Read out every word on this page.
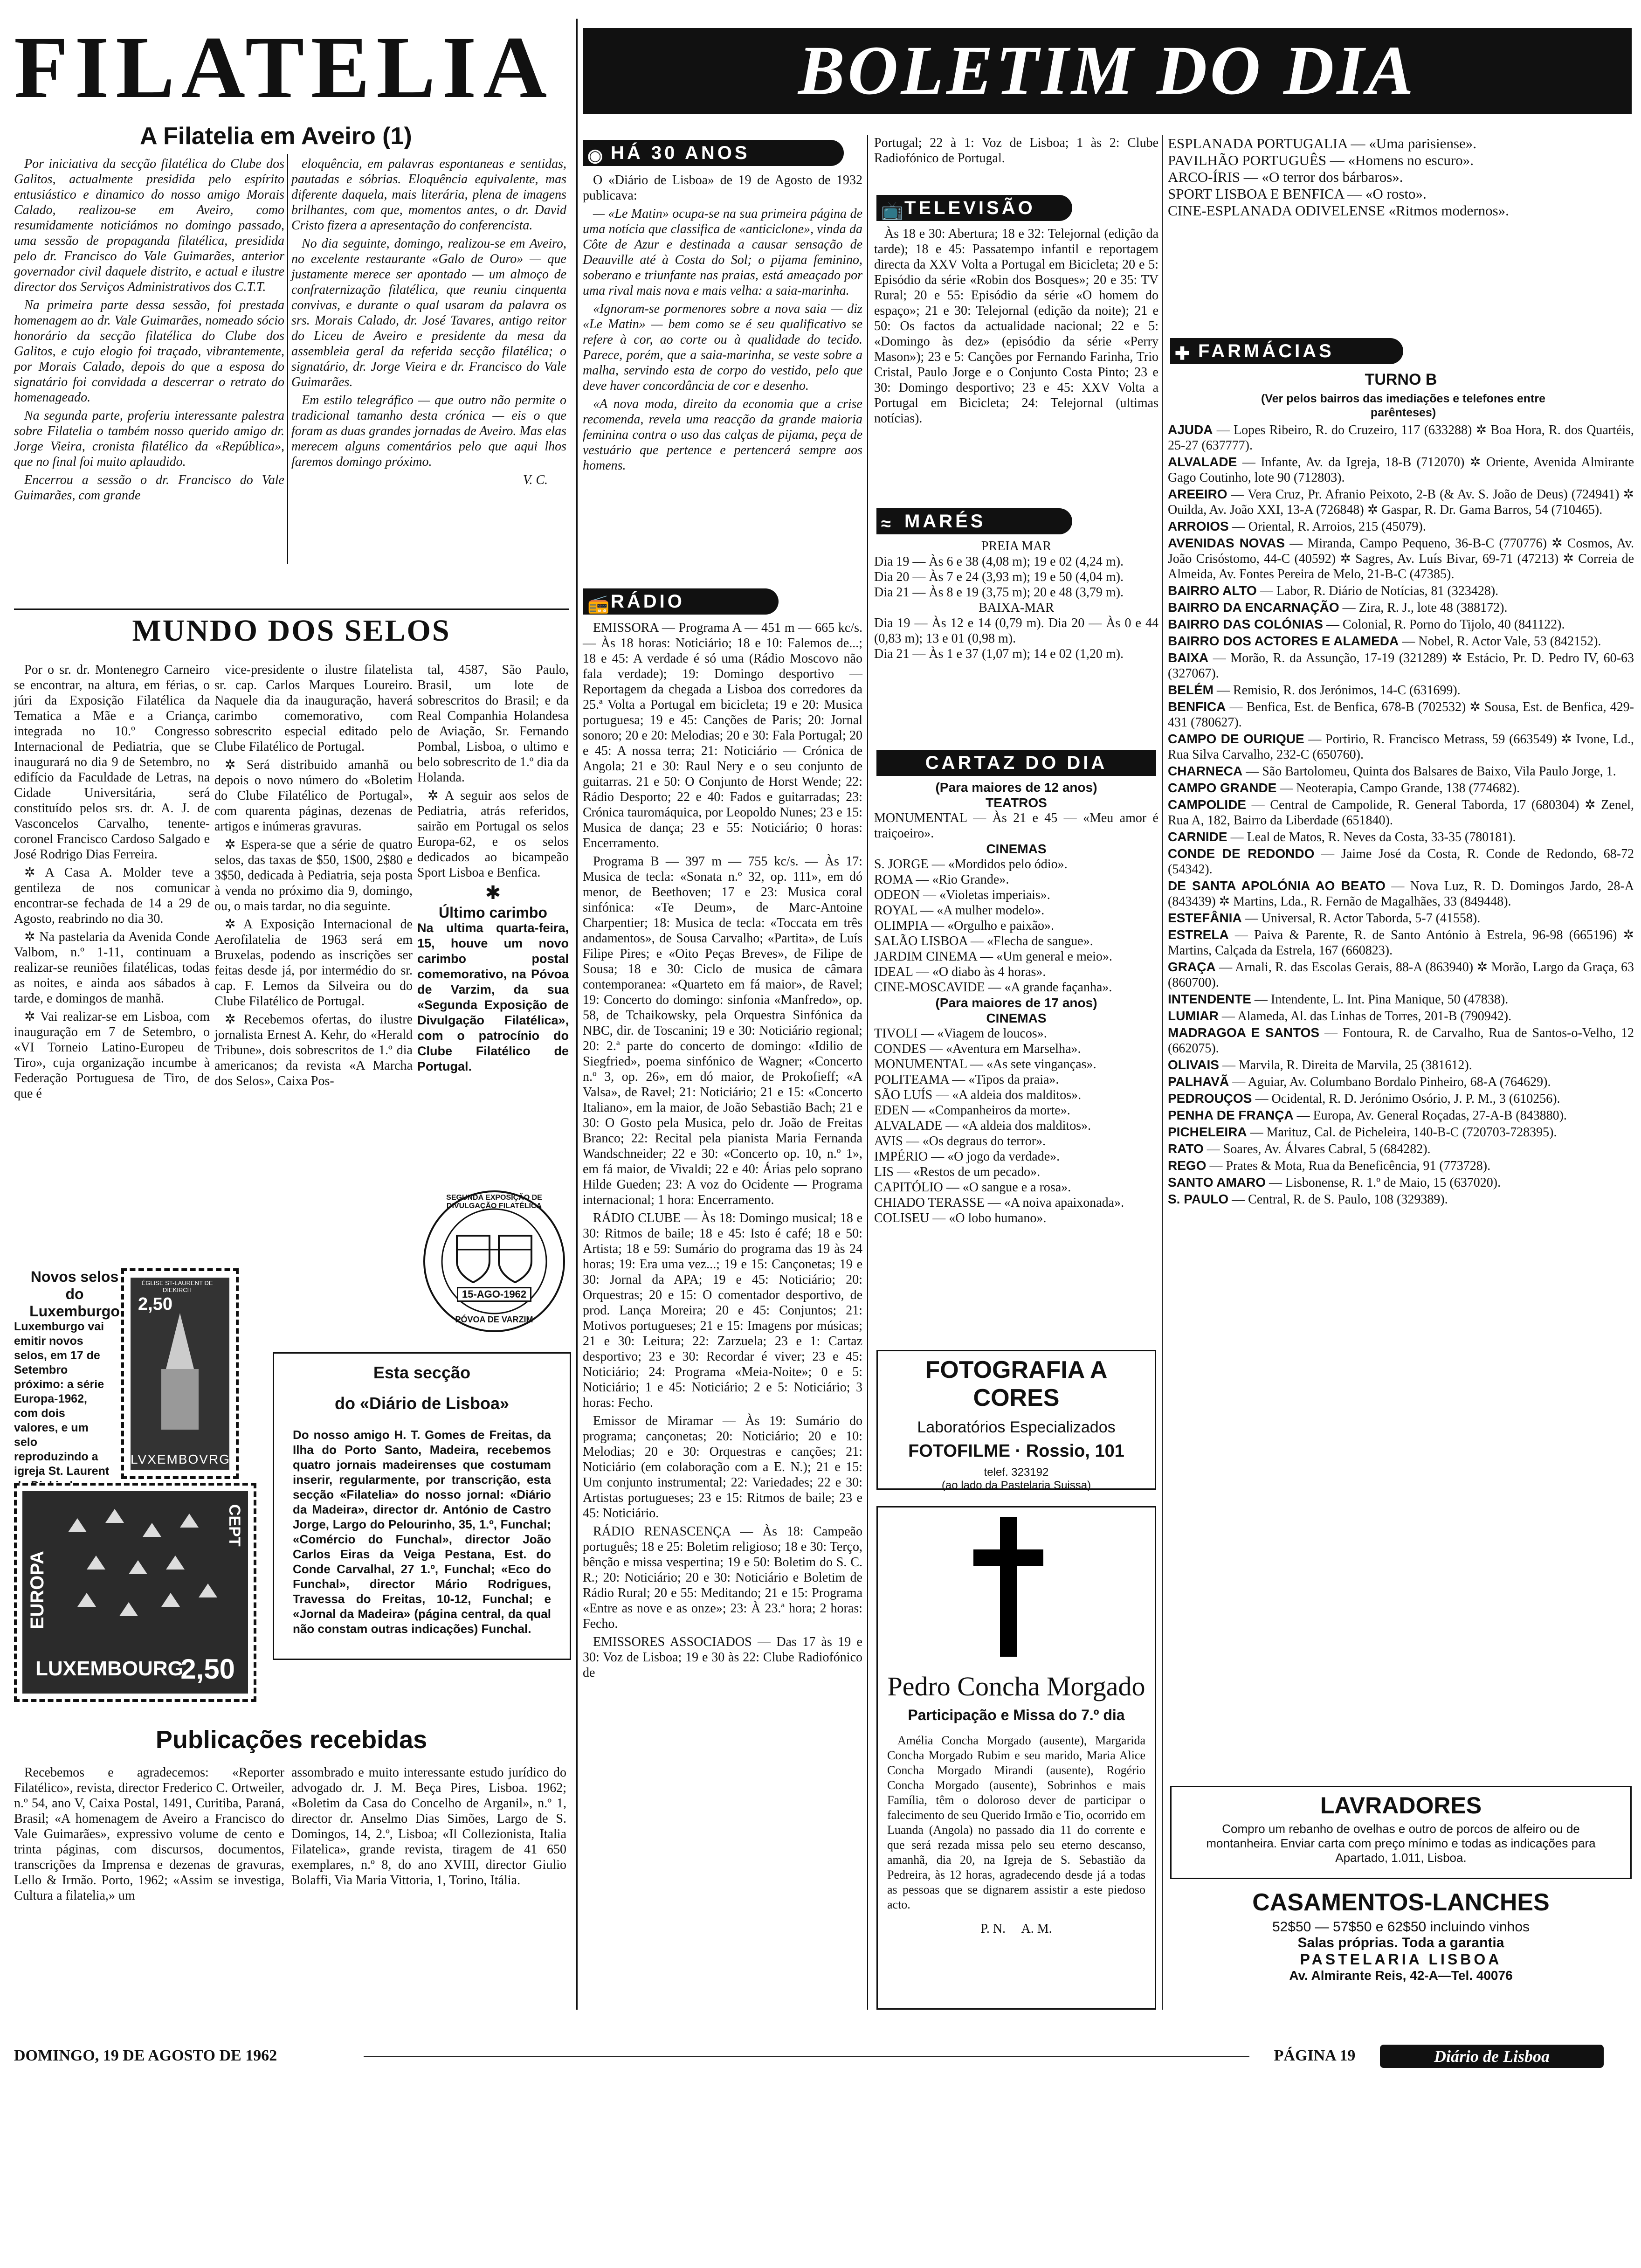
FILATELIA
A Filatelia em Aveiro (1)

Por iniciativa da secção filatélica do Clube dos Galitos, actualmente presidida pelo espírito entusiástico e dinamico do nosso amigo Morais Calado, realizou-se em Aveiro, como resumidamente noticiámos no domingo passado, uma sessão de propaganda filatélica, presidida pelo dr. Francisco do Vale Guimarães, anterior governador civil daquele distrito, e actual e ilustre director dos Serviços Administrativos dos C.T.T.

Na primeira parte dessa sessão, foi prestada homenagem ao dr. Vale Guimarães, nomeado sócio honorário da secção filatélica do Clube dos Galitos, e cujo elogio foi traçado, vibrantemente, por Morais Calado, depois do que a esposa do signatário foi convidada a descerrar o retrato do homenageado.

Na segunda parte, proferiu interessante palestra sobre Filatelia o também nosso querido amigo dr. Jorge Vieira, cronista filatélico da «República», que no final foi muito aplaudido.

Encerrou a sessão o dr. Francisco do Vale Guimarães, com grande

eloquência, em palavras espontaneas e sentidas, pautadas e sóbrias. Eloquência equivalente, mas diferente daquela, mais literária, plena de imagens brilhantes, com que, momentos antes, o dr. David Cristo fizera a apresentação do conferencista.

No dia seguinte, domingo, realizou-se em Aveiro, no excelente restaurante «Galo de Ouro» — que justamente merece ser apontado — um almoço de confraternização filatélica, que reuniu cinquenta convivas, e durante o qual usaram da palavra os srs. Morais Calado, dr. José Tavares, antigo reitor do Liceu de Aveiro e presidente da mesa da assembleia geral da referida secção filatélica; o signatário, dr. Jorge Vieira e dr. Francisco do Vale Guimarães.

Em estilo telegráfico — que outro não permite o tradicional tamanho desta crónica — eis o que foram as duas grandes jornadas de Aveiro. Mas elas merecem alguns comentários pelo que aqui lhos faremos domingo próximo.

V. C.
MUNDO DOS SELOS

Por o sr. dr. Montenegro Carneiro se encontrar, na altura, em férias, o júri da Exposição Filatélica da Tematica a Mãe e a Criança, integrada no 10.º Congresso Internacional de Pediatria, que se inaugurará no dia 9 de Setembro, no edifício da Faculdade de Letras, na Cidade Universitária, será constituído pelos srs. dr. A. J. de Vasconcelos Carvalho, tenente-coronel Francisco Cardoso Salgado e José Rodrigo Dias Ferreira.

✲ A Casa A. Molder teve a gentileza de nos comunicar encontrar-se fechada de 14 a 29 de Agosto, reabrindo no dia 30.

✲ Na pastelaria da Avenida Conde Valbom, n.º 1-11, continuam a realizar-se reuniões filatélicas, todas as noites, e ainda aos sábados à tarde, e domingos de manhã.

✲ Vai realizar-se em Lisboa, com inauguração em 7 de Setembro, o «VI Torneio Latino-Europeu de Tiro», cuja organização incumbe à Federação Portuguesa de Tiro, de que é

vice-presidente o ilustre filatelista sr. cap. Carlos Marques Loureiro. Naquele dia da inauguração, haverá carimbo comemorativo, com sobrescrito especial editado pelo Clube Filatélico de Portugal.

✲ Será distribuido amanhã ou depois o novo número do «Boletim do Clube Filatélico de Portugal», com quarenta páginas, dezenas de artigos e inúmeras gravuras.

✲ Espera-se que a série de quatro selos, das taxas de $50, 1$00, 2$80 e 3$50, dedicada à Pediatria, seja posta à venda no próximo dia 9, domingo, ou, o mais tardar, no dia seguinte.

✲ A Exposição Internacional de Aerofilatelia de 1963 será em Bruxelas, podendo as inscrições ser feitas desde já, por intermédio do sr. cap. F. Lemos da Silveira ou do Clube Filatélico de Portugal.

✲ Recebemos ofertas, do ilustre jornalista Ernest A. Kehr, do «Herald Tribune», dois sobrescritos de 1.º dia americanos; da revista «A Marcha dos Selos», Caixa Pos-

tal, 4587, São Paulo, Brasil, um lote de sobrescritos do Brasil; e da Real Companhia Holandesa de Aviação, Sr. Fernando Pombal, Lisboa, o ultimo e belo sobrescrito de 1.º dia da Holanda.

✲ A seguir aos selos de Pediatria, atrás referidos, sairão em Portugal os selos Europa-62, e os selos dedicados ao bicampeão Sport Lisboa e Benfica.

✱
Último carimbo

Na ultima quarta-feira, 15, houve um novo carimbo postal comemorativo, na Póvoa de Varzim, da sua «Segunda Exposição de Divulgação Filatélica», com o patrocínio do Clube Filatélico de Portugal.

SEGUNDA EXPOSIÇÃO DE DIVULGAÇÃO FILATÉLICA
15-AGO-1962
PÓVOA DE VARZIM
Novos selos do Luxemburgo
Luxemburgo vai emitir novos selos, em 17 de Setembro próximo: a série Europa-1962, com dois valores, e um selo reproduzindo a igreja St. Laurent
ÉGLISE ST-LAURENT DE DIEKIRCH
2,50
LVXEMBOVRG
EUROPA
CEPT
LUXEMBOURG
2,50
Esta secção
do «Diário de Lisboa»
Do nosso amigo H. T. Gomes de Freitas, da Ilha do Porto Santo, Madeira, recebemos quatro jornais madeirenses que costumam inserir, regularmente, por transcrição, esta secção «Filatelia» do nosso jornal: «Diário da Madeira», director dr. António de Castro Jorge, Largo do Pelourinho, 35, 1.º, Funchal; «Comércio do Funchal», director João Carlos Eiras da Veiga Pestana, Est. do Conde Carvalhal, 27 1.º, Funchal; «Eco do Funchal», director Mário Rodrigues, Travessa do Freitas, 10-12, Funchal; e «Jornal da Madeira» (página central, da qual não constam outras indicações) Funchal.
Publicações recebidas

Recebemos e agradecemos: «Reporter Filatélico», revista, director Frederico C. Ortweiler, n.º 54, ano V, Caixa Postal, 1491, Curitiba, Paraná, Brasil; «A homenagem de Aveiro a Francisco do Vale Guimarães», expressivo volume de cento e trinta páginas, com discursos, documentos, transcrições da Imprensa e dezenas de gravuras, Lello & Irmão. Porto, 1962; «Assim se investiga, Cultura a filatelia,» um

assombrado e muito interessante estudo jurídico do advogado dr. J. M. Beça Pires, Lisboa. 1962; «Boletim da Casa do Concelho de Arganil», n.º 1, director dr. Anselmo Dias Simões, Largo de S. Domingos, 14, 2.º, Lisboa; «Il Collezionista, Italia Filatelica», grande revista, tiragem de 41 650 exemplares, n.º 8, do ano XVIII, director Giulio Bolaffi, Via Maria Vittoria, 1, Torino, Itália.

BOLETIM DO DIA
◉ HÁ 30 ANOS

O «Diário de Lisboa» de 19 de Agosto de 1932 publicava:

— «Le Matin» ocupa-se na sua primeira página de uma notícia que classifica de «anticiclone», vinda da Côte de Azur e destinada a causar sensação de Deauville até à Costa do Sol; o pijama feminino, soberano e triunfante nas praias, está ameaçado por uma rival mais nova e mais velha: a saia-marinha.

«Ignoram-se pormenores sobre a nova saia — diz «Le Matin» — bem como se é seu qualificativo se refere à cor, ao corte ou à qualidade do tecido. Parece, porém, que a saia-marinha, se veste sobre a malha, servindo esta de corpo do vestido, pelo que deve haver concordância de cor e desenho.

«A nova moda, direito da economia que a crise recomenda, revela uma reacção da grande maioria feminina contra o uso das calças de pijama, peça de vestuário que pertence e pertencerá sempre aos homens.

📻
RÁDIO

EMISSORA — Programa A — 451 m — 665 kc/s. — Às 18 horas: Noticiário; 18 e 10: Falemos de...; 18 e 45: A verdade é só uma (Rádio Moscovo não fala verdade); 19: Domingo desportivo — Reportagem da chegada a Lisboa dos corredores da 25.ª Volta a Portugal em bicicleta; 19 e 20: Musica portuguesa; 19 e 45: Canções de Paris; 20: Jornal sonoro; 20 e 20: Melodias; 20 e 30: Fala Portugal; 20 e 45: A nossa terra; 21: Noticiário — Crónica de Angola; 21 e 30: Raul Nery e o seu conjunto de guitarras. 21 e 50: O Conjunto de Horst Wende; 22: Rádio Desporto; 22 e 40: Fados e guitarradas; 23: Crónica tauromáquica, por Leopoldo Nunes; 23 e 15: Musica de dança; 23 e 55: Noticiário; 0 horas: Encerramento.

Programa B — 397 m — 755 kc/s. — Às 17: Musica de tecla: «Sonata n.º 32, op. 111», em dó menor, de Beethoven; 17 e 23: Musica coral sinfónica: «Te Deum», de Marc-Antoine Charpentier; 18: Musica de tecla: «Toccata em três andamentos», de Sousa Carvalho; «Partita», de Luís Filipe Pires; e «Oito Peças Breves», de Filipe de Sousa; 18 e 30: Ciclo de musica de câmara contemporanea: «Quarteto em fá maior», de Ravel; 19: Concerto do domingo: sinfonia «Manfredo», op. 58, de Tchaikowsky, pela Orquestra Sinfónica da NBC, dir. de Toscanini; 19 e 30: Noticiário regional; 20: 2.ª parte do concerto de domingo: «Idilio de Siegfried», poema sinfónico de Wagner; «Concerto n.º 3, op. 26», em dó maior, de Prokofieff; «A Valsa», de Ravel; 21: Noticiário; 21 e 15: «Concerto Italiano», em la maior, de João Sebastião Bach; 21 e 30: O Gosto pela Musica, pelo dr. João de Freitas Branco; 22: Recital pela pianista Maria Fernanda Wandschneider; 22 e 30: «Concerto op. 10, n.º 1», em fá maior, de Vivaldi; 22 e 40: Árias pelo soprano Hilde Gueden; 23: A voz do Ocidente — Programa internacional; 1 hora: Encerramento.

RÁDIO CLUBE — Às 18: Domingo musical; 18 e 30: Ritmos de baile; 18 e 45: Isto é café; 18 e 50: Artista; 18 e 59: Sumário do programa das 19 às 24 horas; 19: Era uma vez...; 19 e 15: Cançonetas; 19 e 30: Jornal da APA; 19 e 45: Noticiário; 20: Orquestras; 20 e 15: O comentador desportivo, de prod. Lança Moreira; 20 e 45: Conjuntos; 21: Motivos portugueses; 21 e 15: Imagens por músicas; 21 e 30: Leitura; 22: Zarzuela; 23 e 1: Cartaz desportivo; 23 e 30: Recordar é viver; 23 e 45: Noticiário; 24: Programa «Meia-Noite»; 0 e 5: Noticiário; 1 e 45: Noticiário; 2 e 5: Noticiário; 3 horas: Fecho.

Emissor de Miramar — Às 19: Sumário do programa; cançonetas; 20: Noticiário; 20 e 10: Melodias; 20 e 30: Orquestras e canções; 21: Noticiário (em colaboração com a E. N.); 21 e 15: Um conjunto instrumental; 22: Variedades; 22 e 30: Artistas portugueses; 23 e 15: Ritmos de baile; 23 e 45: Noticiário.

RÁDIO RENASCENÇA — Às 18: Campeão português; 18 e 25: Boletim religioso; 18 e 30: Terço, bênção e missa vespertina; 19 e 50: Boletim do S. C. R.; 20: Noticiário; 20 e 30: Noticiário e Boletim de Rádio Rural; 20 e 55: Meditando; 21 e 15: Programa «Entre as nove e as onze»; 23: À 23.ª hora; 2 horas: Fecho.

EMISSORES ASSOCIADOS — Das 17 às 19 e 30: Voz de Lisboa; 19 e 30 às 22: Clube Radiofónico de

Portugal; 22 à 1: Voz de Lisboa; 1 às 2: Clube Radiofónico de Portugal.
📺
TELEVISÃO

Às 18 e 30: Abertura; 18 e 32: Telejornal (edição da tarde); 18 e 45: Passatempo infantil e reportagem directa da XXV Volta a Portugal em Bicicleta; 20 e 5: Episódio da série «Robin dos Bosques»; 20 e 35: TV Rural; 20 e 55: Episódio da série «O homem do espaço»; 21 e 30: Telejornal (edição da noite); 21 e 50: Os factos da actualidade nacional; 22 e 5: «Domingo às dez» (episódio da série «Perry Mason»); 23 e 5: Canções por Fernando Farinha, Trio Cristal, Paulo Jorge e o Conjunto Costa Pinto; 23 e 30: Domingo desportivo; 23 e 45: XXV Volta a Portugal em Bicicleta; 24: Telejornal (ultimas notícias).

≈ MARÉS
PREIA MAR
Dia 19 — Às 6 e 38 (4,08 m); 19 e 02 (4,24 m).
Dia 20 — Às 7 e 24 (3,93 m); 19 e 50 (4,04 m).
Dia 21 — Às 8 e 19 (3,75 m); 20 e 48 (3,79 m).
BAIXA-MAR
Dia 19 — Às 12 e 14 (0,79 m). Dia 20 — Às 0 e 44 (0,83 m); 13 e 01 (0,98 m).
Dia 21 — Às 1 e 37 (1,07 m); 14 e 02 (1,20 m).
CARTAZ DO DIA
(Para maiores de 12 anos)
TEATROS
MONUMENTAL — Às 21 e 45 — «Meu amor é traiçoeiro».
CINEMAS
S. JORGE — «Mordidos pelo ódio».
ROMA — «Rio Grande».
ODEON — «Violetas imperiais».
ROYAL — «A mulher modelo».
OLIMPIA — «Orgulho e paixão».
SALÃO LISBOA — «Flecha de sangue».
JARDIM CINEMA — «Um general e meio».
IDEAL — «O diabo às 4 horas».
CINE-MOSCAVIDE — «A grande façanha».
(Para maiores de 17 anos)
CINEMAS
TIVOLI — «Viagem de loucos».
CONDES — «Aventura em Marselha».
MONUMENTAL — «As sete vinganças».
POLITEAMA — «Tipos da praia».
SÃO LUÍS — «A aldeia dos malditos».
EDEN — «Companheiros da morte».
ALVALADE — «A aldeia dos malditos».
AVIS — «Os degraus do terror».
IMPÉRIO — «O jogo da verdade».
LIS — «Restos de um pecado».
CAPITÓLIO — «O sangue e a rosa».
CHIADO TERASSE — «A noiva apaixonada».
COLISEU — «O lobo humano».
FOTOGRAFIA A CORES
Laboratórios Especializados
FOTOFILME · Rossio, 101
telef. 323192
(ao lado da Pastelaria Suissa)
Pedro Concha Morgado
Participação e Missa do 7.º dia
Amélia Concha Morgado (ausente), Margarida Concha Morgado Rubim e seu marido, Maria Alice Concha Morgado Mirandi (ausente), Rogério Concha Morgado (ausente), Sobrinhos e mais Família, têm o doloroso dever de participar o falecimento de seu Querido Irmão e Tio, ocorrido em Luanda (Angola) no passado dia 11 do corrente e que será rezada missa pelo seu eterno descanso, amanhã, dia 20, na Igreja de S. Sebastião da Pedreira, às 12 horas, agradecendo desde já a todas as pessoas que se dignarem assistir a este piedoso acto.
P. N.     A. M.
ESPLANADA PORTUGALIA — «Uma parisiense».
PAVILHÃO PORTUGUÊS — «Homens no escuro».
ARCO-ÍRIS — «O terror dos bárbaros».
SPORT LISBOA E BENFICA — «O rosto».
CINE-ESPLANADA ODIVELENSE «Ritmos modernos».
✚ FARMÁCIAS
TURNO B
(Ver pelos bairros das imediações e telefones entre parênteses)
AJUDA — Lopes Ribeiro, R. do Cruzeiro, 117 (633288) ✲ Boa Hora, R. dos Quartéis, 25-27 (637777).
ALVALADE — Infante, Av. da Igreja, 18-B (712070) ✲ Oriente, Avenida Almirante Gago Coutinho, lote 90 (712803).
AREEIRO — Vera Cruz, Pr. Afranio Peixoto, 2-B (& Av. S. João de Deus) (724941) ✲ Ouilda, Av. João XXI, 13-A (726848) ✲ Gaspar, R. Dr. Gama Barros, 54 (710465).
ARROIOS — Oriental, R. Arroios, 215 (45079).
AVENIDAS NOVAS — Miranda, Campo Pequeno, 36-B-C (770776) ✲ Cosmos, Av. João Crisóstomo, 44-C (40592) ✲ Sagres, Av. Luís Bivar, 69-71 (47213) ✲ Correia de Almeida, Av. Fontes Pereira de Melo, 21-B-C (47385).
BAIRRO ALTO — Labor, R. Diário de Notícias, 81 (323428).
BAIRRO DA ENCARNAÇÃO — Zira, R. J., lote 48 (388172).
BAIRRO DAS COLÓNIAS — Colonial, R. Porno do Tijolo, 40 (841122).
BAIRRO DOS ACTORES E ALAMEDA — Nobel, R. Actor Vale, 53 (842152).
BAIXA — Morão, R. da Assunção, 17-19 (321289) ✲ Estácio, Pr. D. Pedro IV, 60-63 (327067).
BELÉM — Remisio, R. dos Jerónimos, 14-C (631699).
BENFICA — Benfica, Est. de Benfica, 678-B (702532) ✲ Sousa, Est. de Benfica, 429-431 (780627).
CAMPO DE OURIQUE — Portirio, R. Francisco Metrass, 59 (663549) ✲ Ivone, Ld., Rua Silva Carvalho, 232-C (650760).
CHARNECA — São Bartolomeu, Quinta dos Balsares de Baixo, Vila Paulo Jorge, 1.
CAMPO GRANDE — Neoterapia, Campo Grande, 138 (774682).
CAMPOLIDE — Central de Campolide, R. General Taborda, 17 (680304) ✲ Zenel, Rua A, 182, Bairro da Liberdade (651840).
CARNIDE — Leal de Matos, R. Neves da Costa, 33-35 (780181).
CONDE DE REDONDO — Jaime José da Costa, R. Conde de Redondo, 68-72 (54342).
DE SANTA APOLÓNIA AO BEATO — Nova Luz, R. D. Domingos Jardo, 28-A (843439) ✲ Martins, Lda., R. Fernão de Magalhães, 33 (849448).
ESTEFÂNIA — Universal, R. Actor Taborda, 5-7 (41558).
ESTRELA — Paiva & Parente, R. de Santo António à Estrela, 96-98 (665196) ✲ Martins, Calçada da Estrela, 167 (660823).
GRAÇA — Arnali, R. das Escolas Gerais, 88-A (863940) ✲ Morão, Largo da Graça, 63 (860700).
INTENDENTE — Intendente, L. Int. Pina Manique, 50 (47838).
LUMIAR — Alameda, Al. das Linhas de Torres, 201-B (790942).
MADRAGOA E SANTOS — Fontoura, R. de Carvalho, Rua de Santos-o-Velho, 12 (662075).
OLIVAIS — Marvila, R. Direita de Marvila, 25 (381612).
PALHAVÃ — Aguiar, Av. Columbano Bordalo Pinheiro, 68-A (764629).
PEDROUÇOS — Ocidental, R. D. Jerónimo Osório, J. P. M., 3 (610256).
PENHA DE FRANÇA — Europa, Av. General Roçadas, 27-A-B (843880).
PICHELEIRA — Marituz, Cal. de Picheleira, 140-B-C (720703-728395).
RATO — Soares, Av. Álvares Cabral, 5 (684282).
REGO — Prates & Mota, Rua da Beneficência, 91 (773728).
SANTO AMARO — Lisbonense, R. 1.º de Maio, 15 (637020).
S. PAULO — Central, R. de S. Paulo, 108 (329389).
LAVRADORES
Compro um rebanho de ovelhas e outro de porcos de alfeiro ou de montanheira. Enviar carta com preço mínimo e todas as indicações para Apartado, 1.011, Lisboa.
CASAMENTOS-LANCHES
52$50 — 57$50 e 62$50 incluindo vinhos
Salas próprias. Toda a garantia
PASTELARIA LISBOA
Av. Almirante Reis, 42-A—Tel. 40076
DOMINGO, 19 DE AGOSTO DE 1962	PÁGINA 19	Diário de Lisboa
